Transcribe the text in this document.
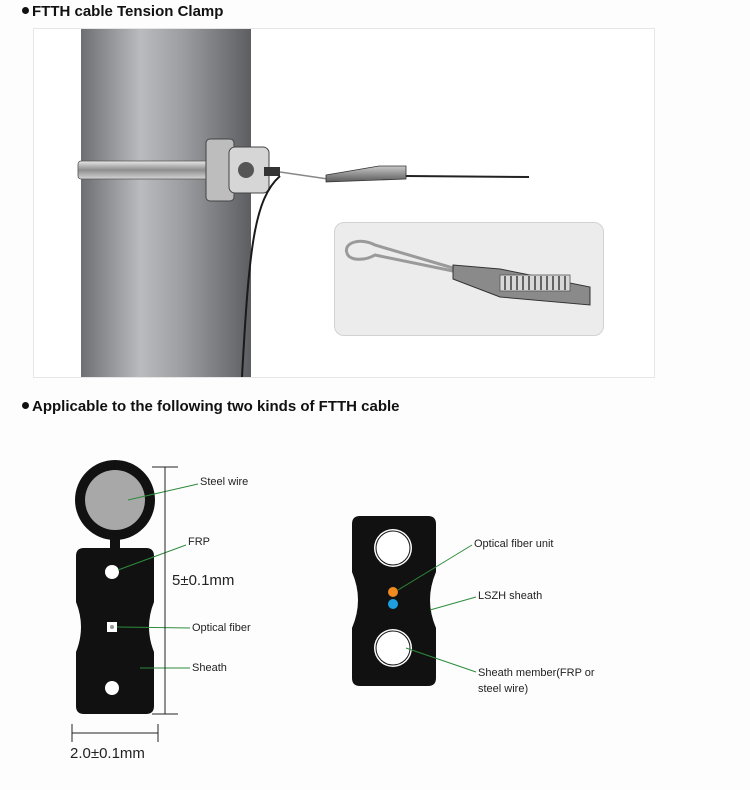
FTTH cable Tension Clamp
Applicable to the following two kinds of FTTH cable
Steel wire
FRP
Optical fiber
Sheath
5±0.1mm
2.0±0.1mm
Optical fiber unit
LSZH sheath
Sheath member(FRP or
steel wire)
